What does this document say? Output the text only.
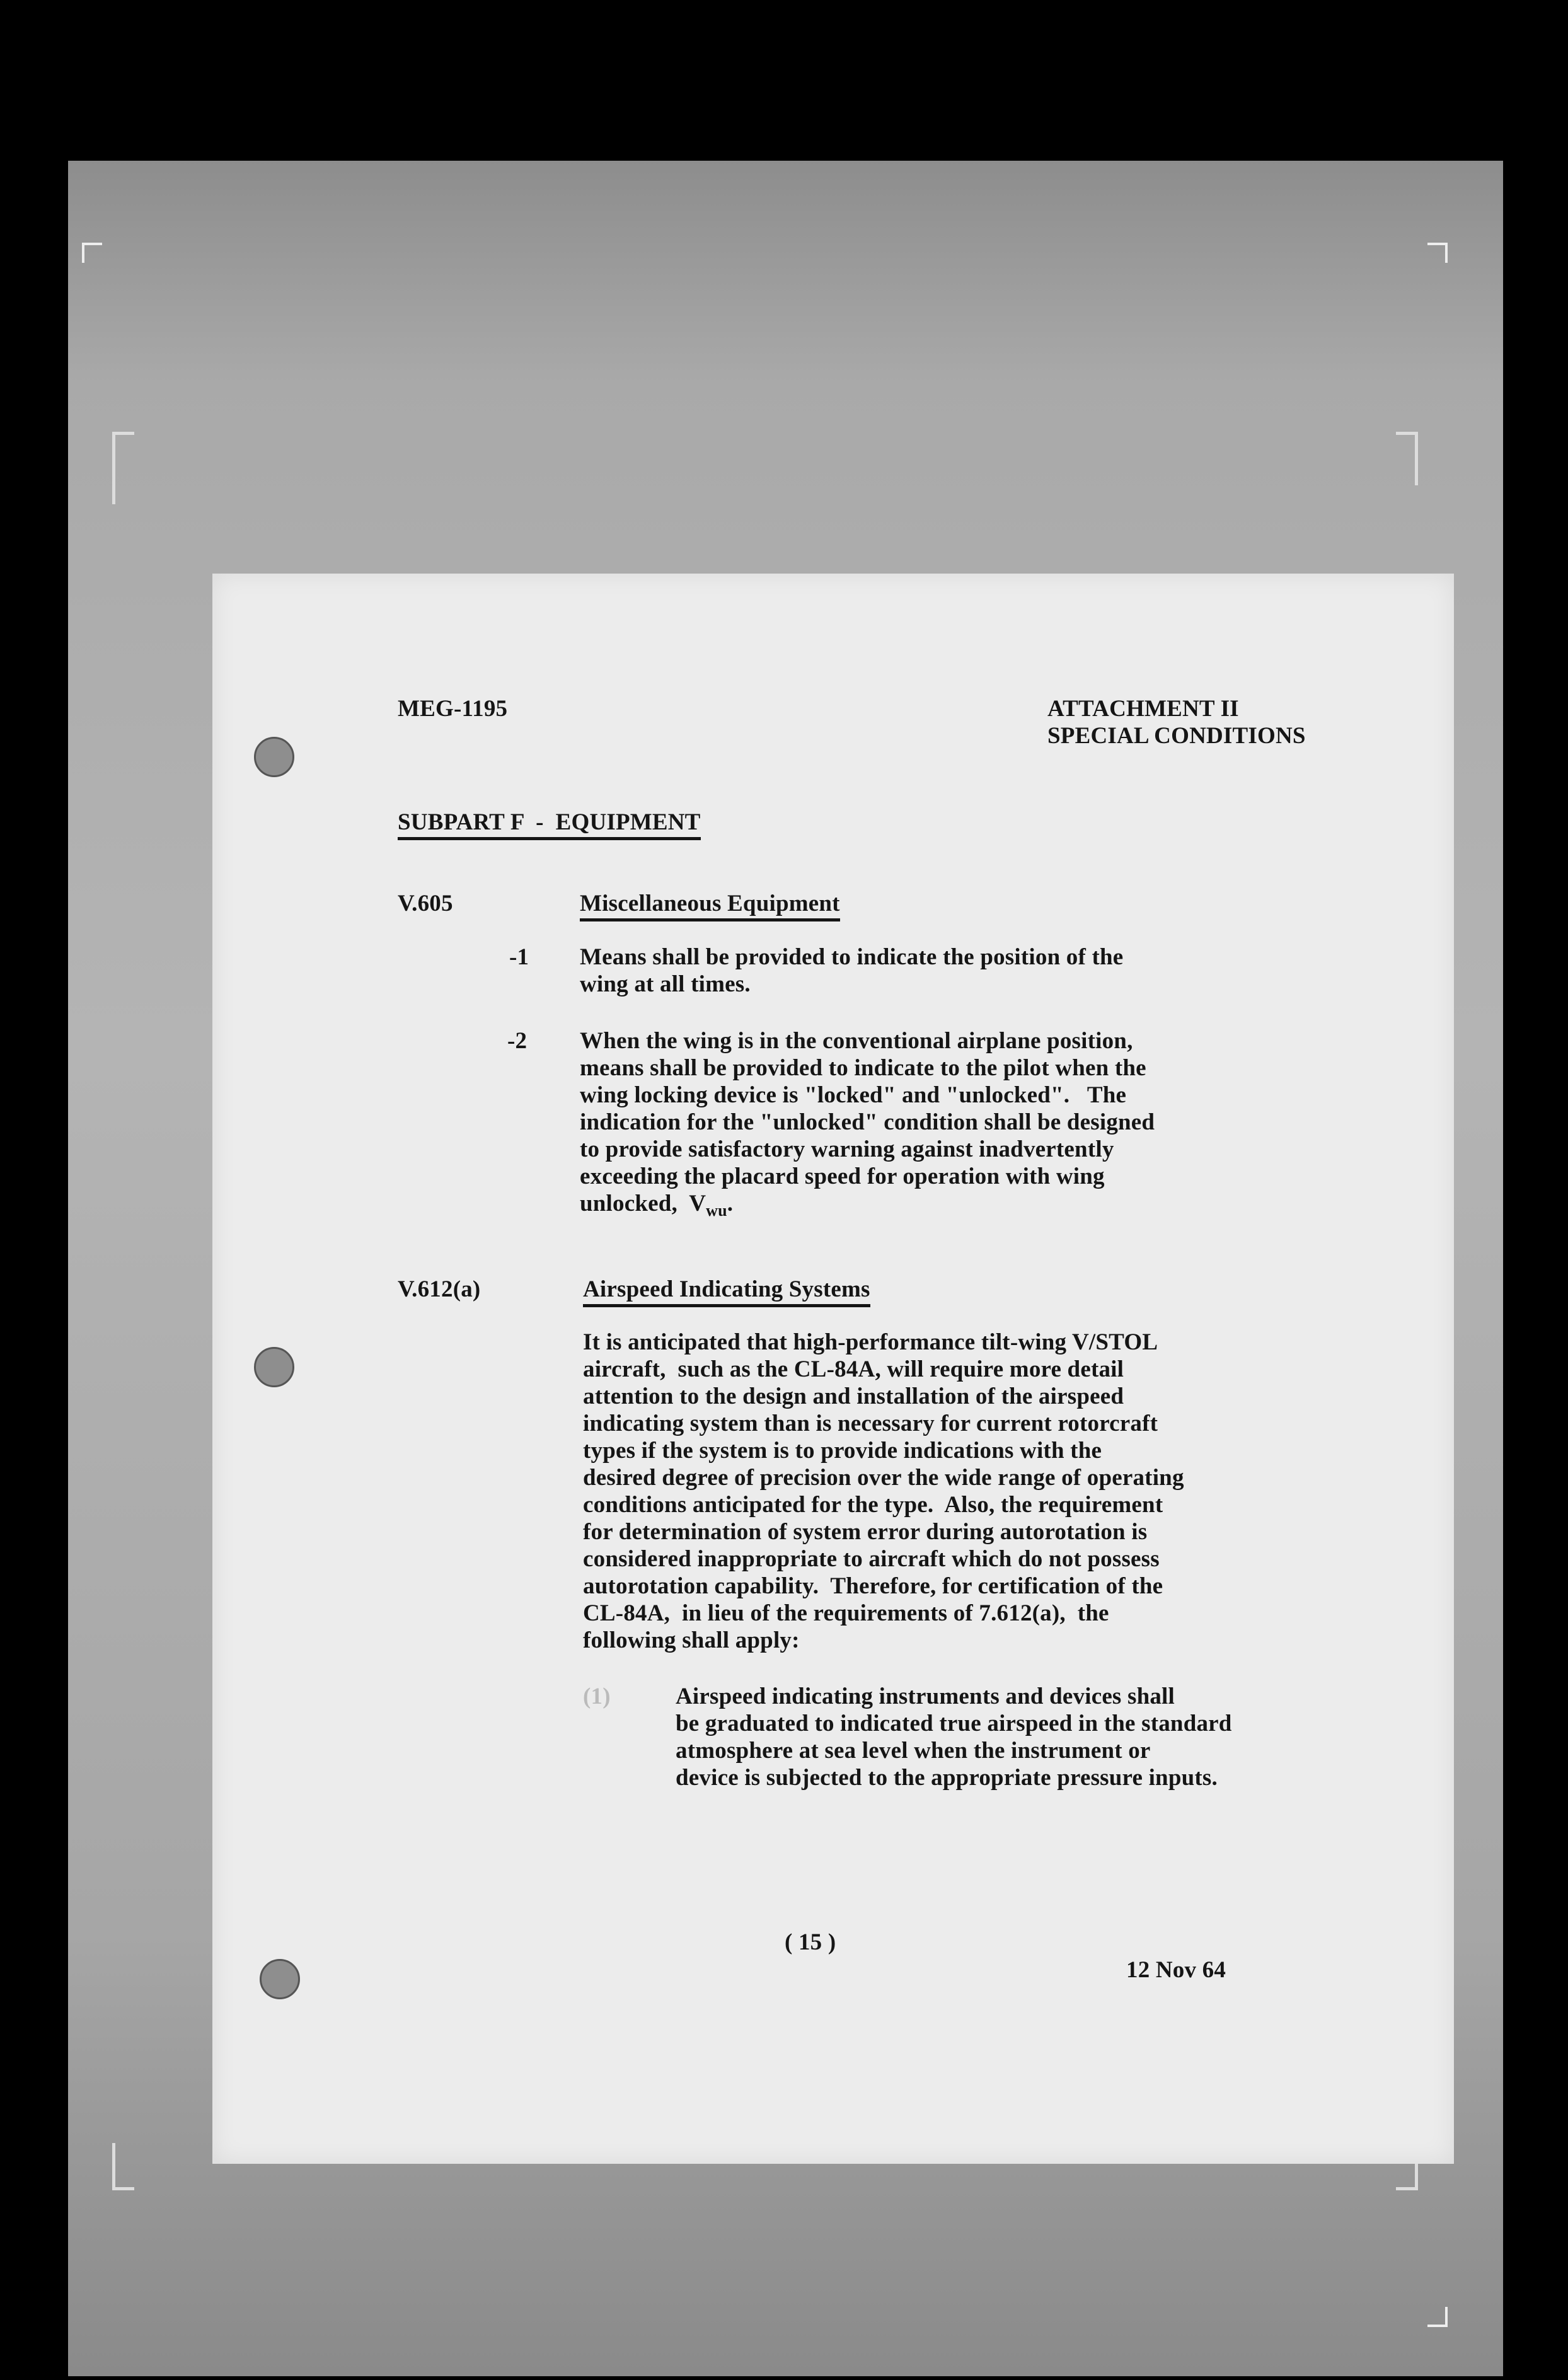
MEG-1195	ATTACHMENT II
SPECIAL CONDITIONS
SUBPART F  -  EQUIPMENT
V.605	Miscellaneous Equipment
-1 Means shall be provided to indicate the position of the
wing at all times.
-2 When the wing is in the conventional airplane position,
means shall be provided to indicate to the pilot when the
wing locking device is "locked" and "unlocked".   The
indication for the "unlocked" condition shall be designed
to provide satisfactory warning against inadvertently
exceeding the placard speed for operation with wing
unlocked,  $V_{wu}$.
V.612(a)	Airspeed Indicating Systems
It is anticipated that high-performance tilt-wing V/STOL
aircraft,  such as the CL-84A, will require more detail
attention to the design and installation of the airspeed
indicating system than is necessary for current rotorcraft
types if the system is to provide indications with the
desired degree of precision over the wide range of operating
conditions anticipated for the type.  Also, the requirement
for determination of system error during autorotation is
considered inappropriate to aircraft which do not possess
autorotation capability.  Therefore, for certification of the
CL-84A,  in lieu of the requirements of 7.612(a),  the
following shall apply:
(1)	Airspeed indicating instruments and devices shall
be graduated to indicated true airspeed in the standard
atmosphere at sea level when the instrument or
device is subjected to the appropriate pressure inputs.
( 15 )
12 Nov 64
